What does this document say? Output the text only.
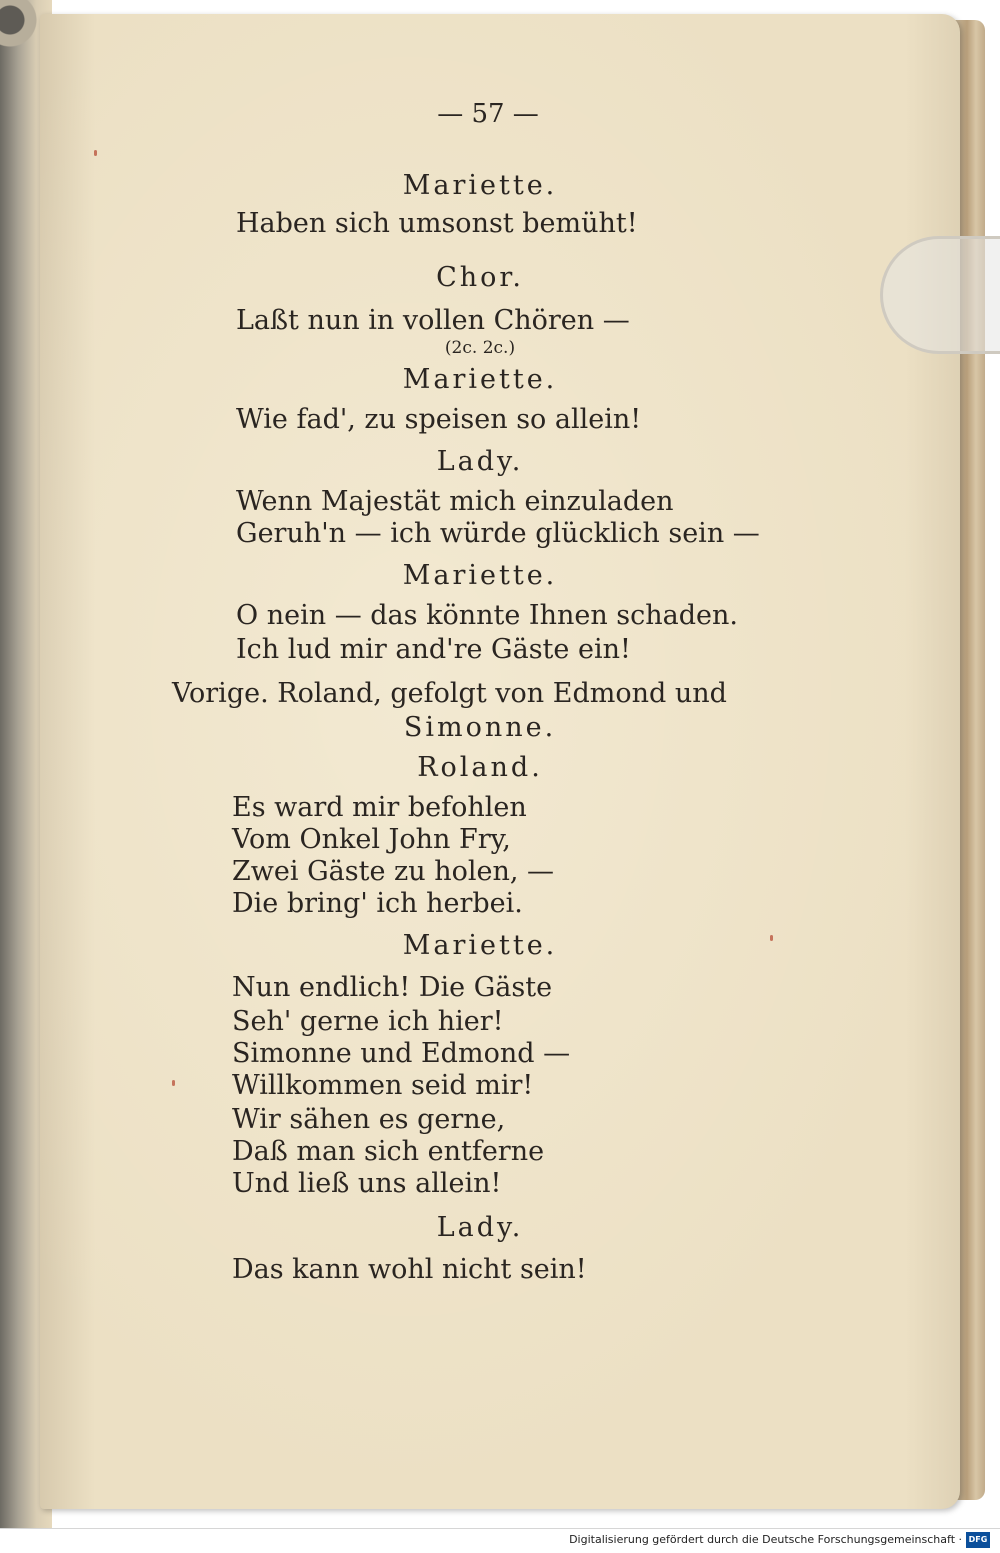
— 57 —
Mariette.
Haben sich umsonst bemüht!
Chor.
Laßt nun in vollen Chören —
(2c. 2c.)
Mariette.
Wie fad', zu speisen so allein!
Lady.
Wenn Majestät mich einzuladen
Geruh'n — ich würde glücklich sein —
Mariette.
O nein — das könnte Ihnen schaden.
Ich lud mir and're Gäste ein!
Vorige. Roland, gefolgt von Edmond und
Simonne.
Roland.
Es ward mir befohlen
Vom Onkel John Fry,
Zwei Gäste zu holen, —
Die bring' ich herbei.
Mariette.
Nun endlich! Die Gäste
Seh' gerne ich hier!
Simonne und Edmond —
Willkommen seid mir!
Wir sähen es gerne,
Daß man sich entferne
Und ließ uns allein!
Lady.
Das kann wohl nicht sein!
Digitalisierung gefördert durch die Deutsche Forschungsgemeinschaft · DFG
